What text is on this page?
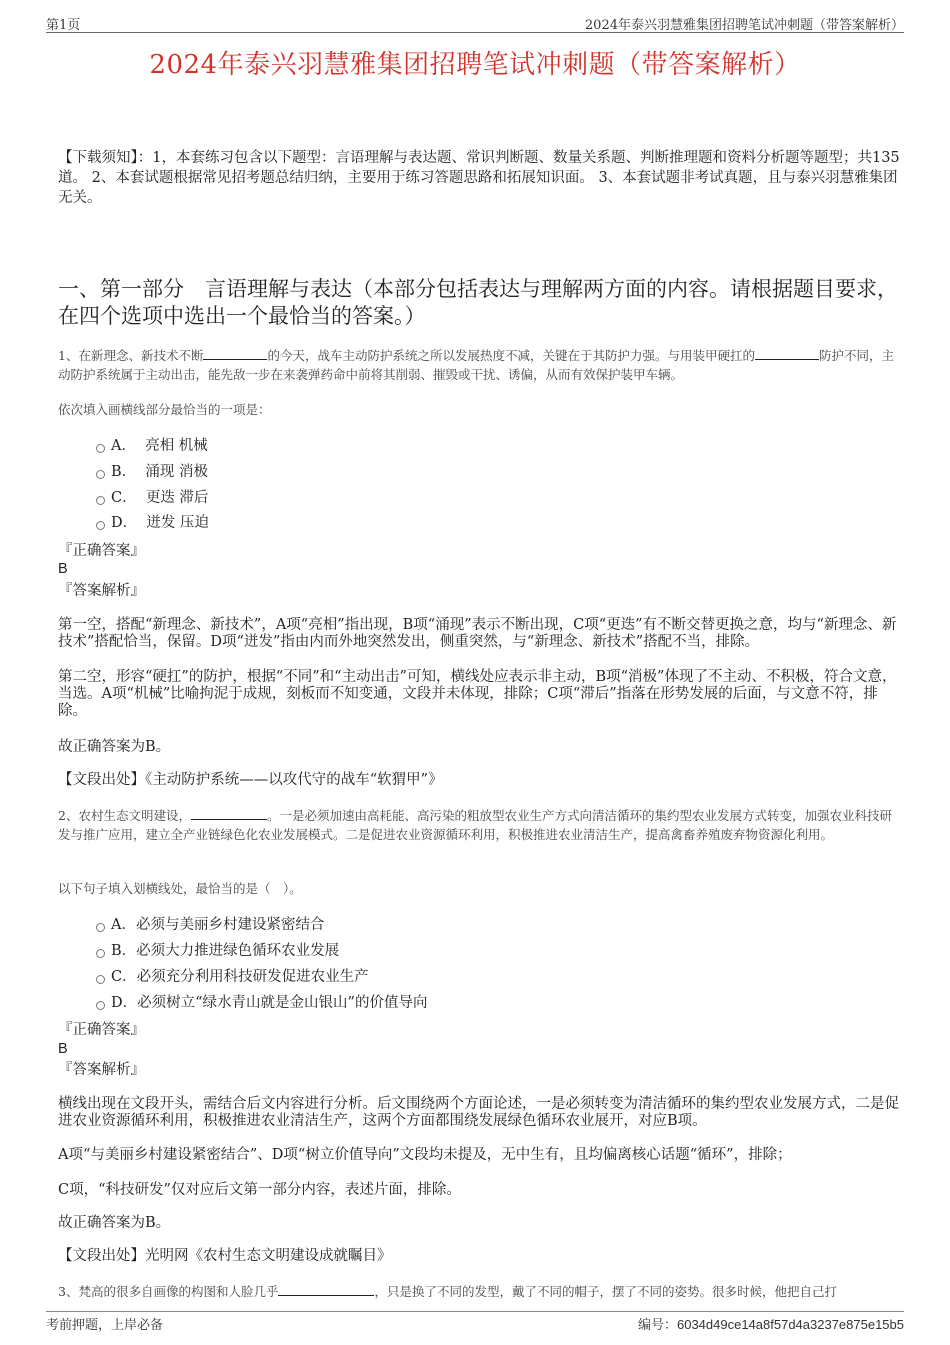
第1页	2024年泰兴羽慧雅集团招聘笔试冲刺题（带答案解析）
2024年泰兴羽慧雅集团招聘笔试冲刺题（带答案解析）
【下载须知】：1，本套练习包含以下题型：言语理解与表达题、常识判断题、数量关系题、判断推理题和资料分析题等题型；共135道。 2、本套试题根据常见招考题总结归纳，主要用于练习答题思路和拓展知识面。 3、本套试题非考试真题，且与泰兴羽慧雅集团无关。
一、第一部分　言语理解与表达（本部分包括表达与理解两方面的内容。请根据题目要求，在四个选项中选出一个最恰当的答案。）
1、在新理念、新技术不断	的今天，战车主动防护系统之所以发展热度不减，关键在于其防护力强。与用装甲硬扛的	防护不同，主动防护系统属于主动出击，能先敌一步在来袭弹药命中前将其削弱、摧毁或干扰、诱偏，从而有效保护装甲车辆。
依次填入画横线部分最恰当的一项是：
A． 亮相 机械
B． 涌现 消极
C． 更迭 滞后
D． 迸发 压迫
『正确答案』
B
『答案解析』
第一空，搭配“新理念、新技术”，A项“亮相”指出现，B项“涌现”表示不断出现，C项“更迭”有不断交替更换之意，均与“新理念、新技术”搭配恰当，保留。D项“迸发”指由内而外地突然发出，侧重突然，与“新理念、新技术”搭配不当，排除。
第二空，形容“硬扛”的防护，根据“不同”和“主动出击”可知，横线处应表示非主动，B项“消极”体现了不主动、不积极，符合文意，当选。A项“机械”比喻拘泥于成规，刻板而不知变通，文段并未体现，排除；C项“滞后”指落在形势发展的后面，与文意不符，排除。
故正确答案为B。
【文段出处】《主动防护系统——以攻代守的战车“软猬甲”》
2、农村生态文明建设，	。一是必须加速由高耗能、高污染的粗放型农业生产方式向清洁循环的集约型农业发展方式转变，加强农业科技研发与推广应用，建立全产业链绿色化农业发展模式。二是促进农业资源循环利用，积极推进农业清洁生产，提高禽畜养殖废弃物资源化利用。
以下句子填入划横线处，最恰当的是（　）。
A．必须与美丽乡村建设紧密结合
B．必须大力推进绿色循环农业发展
C．必须充分利用科技研发促进农业生产
D．必须树立“绿水青山就是金山银山”的价值导向
『正确答案』
B
『答案解析』
横线出现在文段开头，需结合后文内容进行分析。后文围绕两个方面论述，一是必须转变为清洁循环的集约型农业发展方式，二是促进农业资源循环利用，积极推进农业清洁生产，这两个方面都围绕发展绿色循环农业展开，对应B项。
A项“与美丽乡村建设紧密结合”、D项“树立价值导向”文段均未提及，无中生有，且均偏离核心话题“循环”，排除；
C项，“科技研发”仅对应后文第一部分内容，表述片面，排除。
故正确答案为B。
【文段出处】光明网《农村生态文明建设成就瞩目》
3、梵高的很多自画像的构图和人脸几乎	，只是换了不同的发型，戴了不同的帽子，摆了不同的姿势。很多时候，他把自己打
考前押题，上岸必备	编号：6034d49ce14a8f57d4a3237e875e15b5
